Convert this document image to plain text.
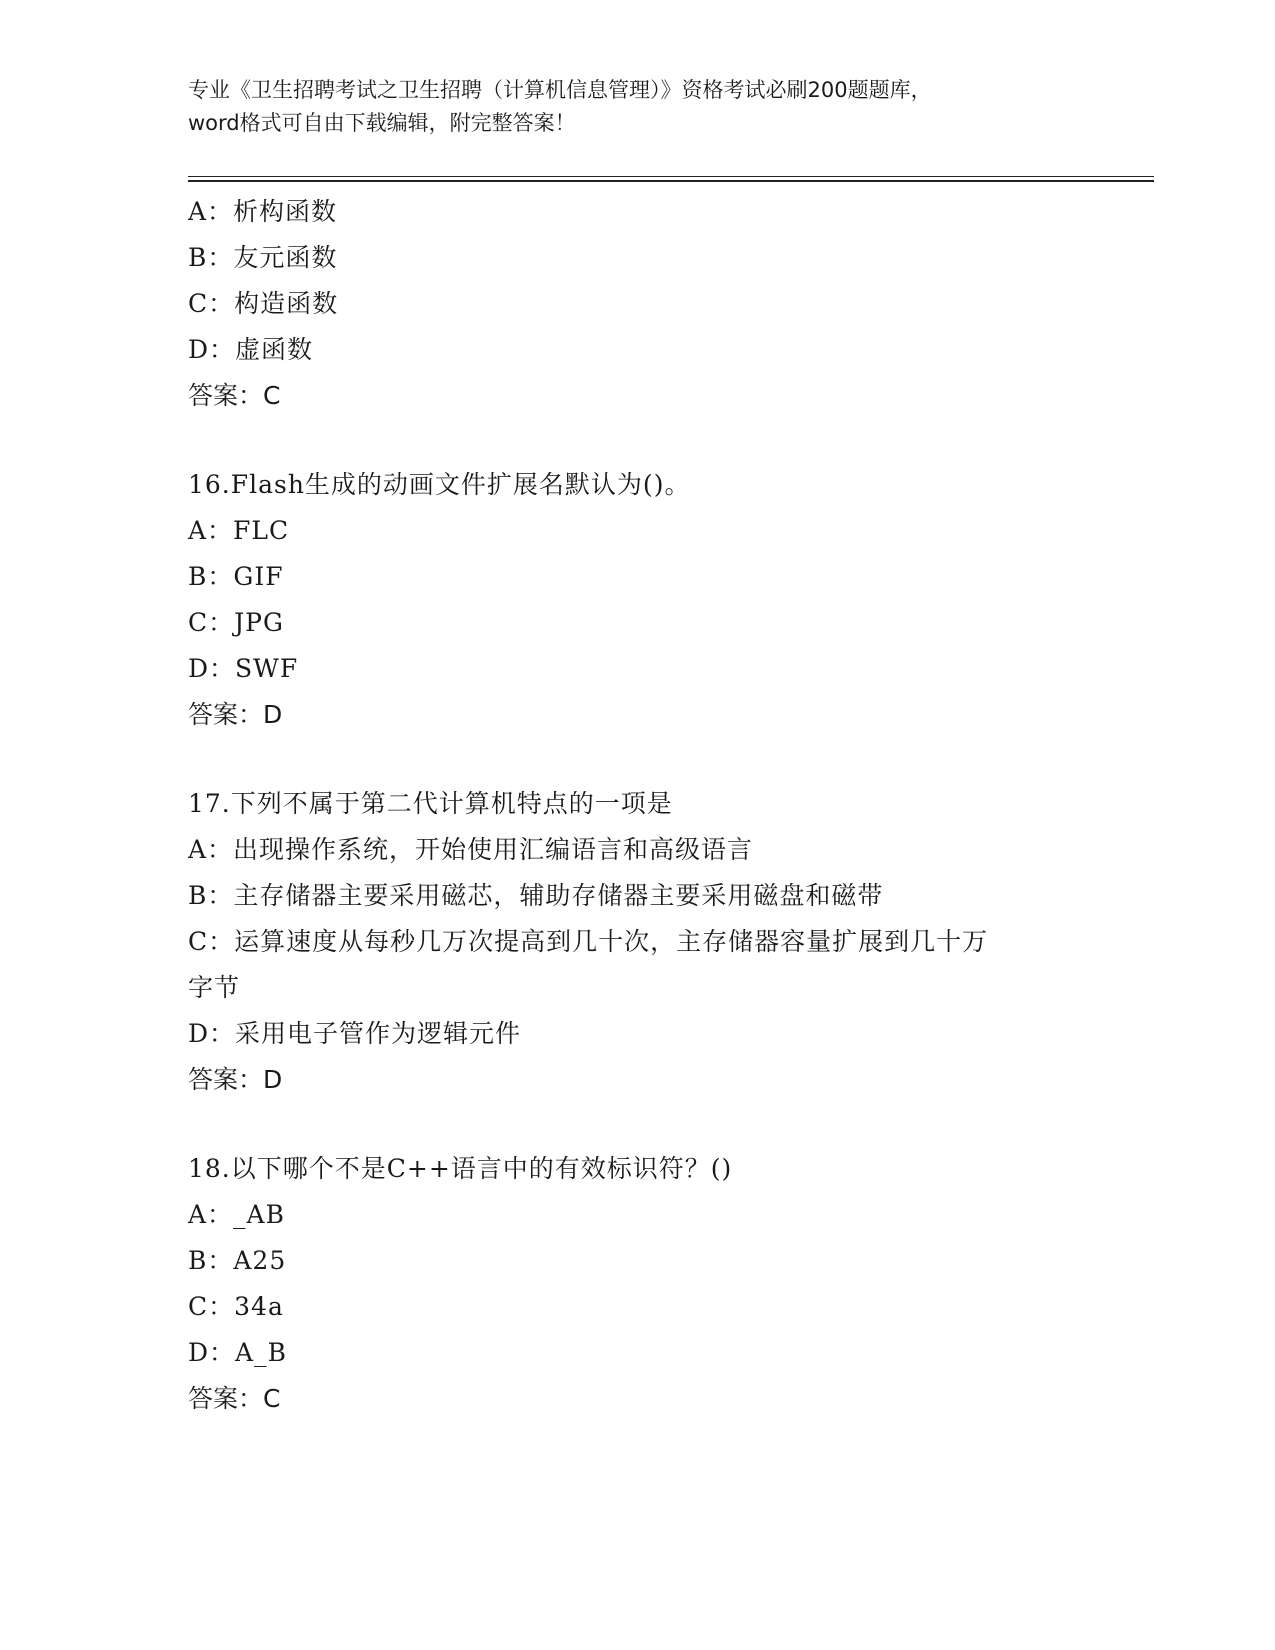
专业《卫生招聘考试之卫生招聘（计算机信息管理）》资格考试必刷200题题库，
word格式可自由下载编辑，附完整答案！
A：析构函数
B：友元函数
C：构造函数
D：虚函数
答案：C
16.Flash生成的动画文件扩展名默认为()。
A：FLC
B：GIF
C：JPG
D：SWF
答案：D
17.下列不属于第二代计算机特点的一项是
A：出现操作系统，开始使用汇编语言和高级语言
B：主存储器主要采用磁芯，辅助存储器主要采用磁盘和磁带
C：运算速度从每秒几万次提高到几十次，主存储器容量扩展到几十万
字节
D：采用电子管作为逻辑元件
答案：D
18.以下哪个不是C++语言中的有效标识符？()
A：_AB
B：A25
C：34a
D：A_B
答案：C
